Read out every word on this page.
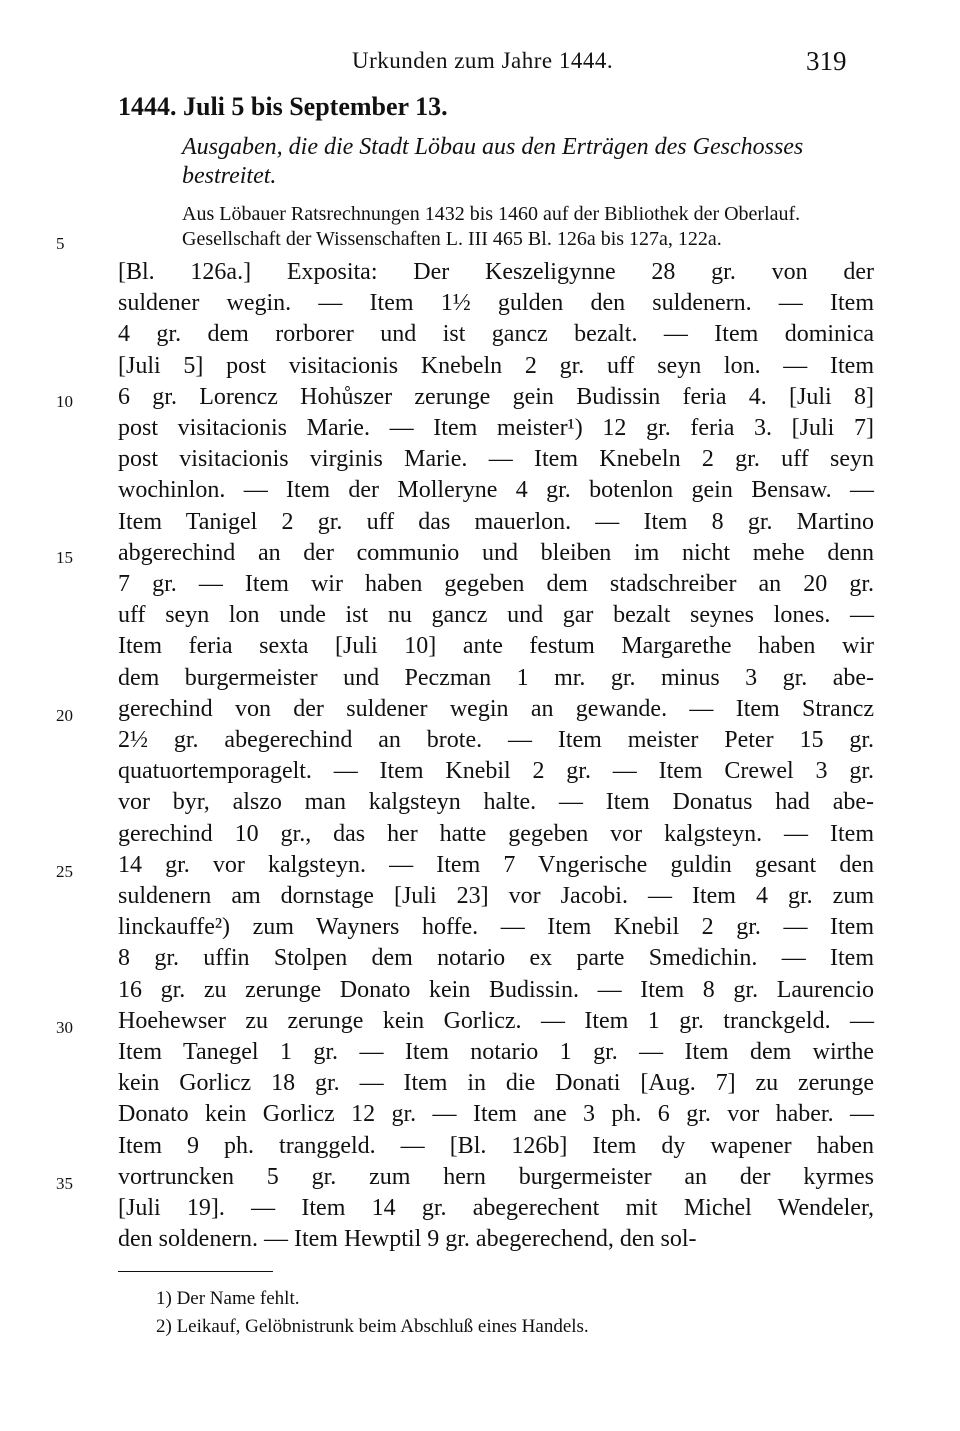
Urkunden zum Jahre 1444.	319
1444. Juli 5 bis September 13.
Ausgaben, die die Stadt Löbau aus den Erträgen des Geschosses
bestreitet.
Aus Löbauer Ratsrechnungen 1432 bis 1460 auf der Bibliothek der Oberlauf.
Gesellschaft der Wissenschaften L. III 465 Bl. 126a bis 127a, 122a.
[Bl. 126a.] Exposita: Der Keszeligynne 28 gr. von der
suldener wegin. — Item 1½ gulden den suldenern. — Item
4 gr. dem rorborer und ist gancz bezalt. — Item dominica
[Juli 5] post visitacionis Knebeln 2 gr. uff seyn lon. — Item
6 gr. Lorencz Hohůszer zerunge gein Budissin feria 4. [Juli 8]
post visitacionis Marie. — Item meister¹) 12 gr. feria 3. [Juli 7]
post visitacionis virginis Marie. — Item Knebeln 2 gr. uff seyn
wochinlon. — Item der Molleryne 4 gr. botenlon gein Bensaw. —
Item Tanigel 2 gr. uff das mauerlon. — Item 8 gr. Martino
abgerechind an der communio und bleiben im nicht mehe denn
7 gr. — Item wir haben gegeben dem stadschreiber an 20 gr.
uff seyn lon unde ist nu gancz und gar bezalt seynes lones. —
Item feria sexta [Juli 10] ante festum Margarethe haben wir
dem burgermeister und Peczman 1 mr. gr. minus 3 gr. abe-
gerechind von der suldener wegin an gewande. — Item Strancz
2½ gr. abegerechind an brote. — Item meister Peter 15 gr.
quatuortemporagelt. — Item Knebil 2 gr. — Item Crewel 3 gr.
vor byr, alszo man kalgsteyn halte. — Item Donatus had abe-
gerechind 10 gr., das her hatte gegeben vor kalgsteyn. — Item
14 gr. vor kalgsteyn. — Item 7 Vngerische guldin gesant den
suldenern am dornstage [Juli 23] vor Jacobi. — Item 4 gr. zum
linckauffe²) zum Wayners hoffe. — Item Knebil 2 gr. — Item
8 gr. uffin Stolpen dem notario ex parte Smedichin. — Item
16 gr. zu zerunge Donato kein Budissin. — Item 8 gr. Laurencio
Hoehewser zu zerunge kein Gorlicz. — Item 1 gr. tranckgeld. —
Item Tanegel 1 gr. — Item notario 1 gr. — Item dem wirthe
kein Gorlicz 18 gr. — Item in die Donati [Aug. 7] zu zerunge
Donato kein Gorlicz 12 gr. — Item ane 3 ph. 6 gr. vor haber. —
Item 9 ph. tranggeld. — [Bl. 126b] Item dy wapener haben
vortruncken 5 gr. zum hern burgermeister an der kyrmes
[Juli 19]. — Item 14 gr. abegerechent mit Michel Wendeler,
den soldenern. — Item Hewptil 9 gr. abegerechend, den sol-
5
10
15
20
25
30
35
1) Der Name fehlt.
2) Leikauf, Gelöbnistrunk beim Abschluß eines Handels.
